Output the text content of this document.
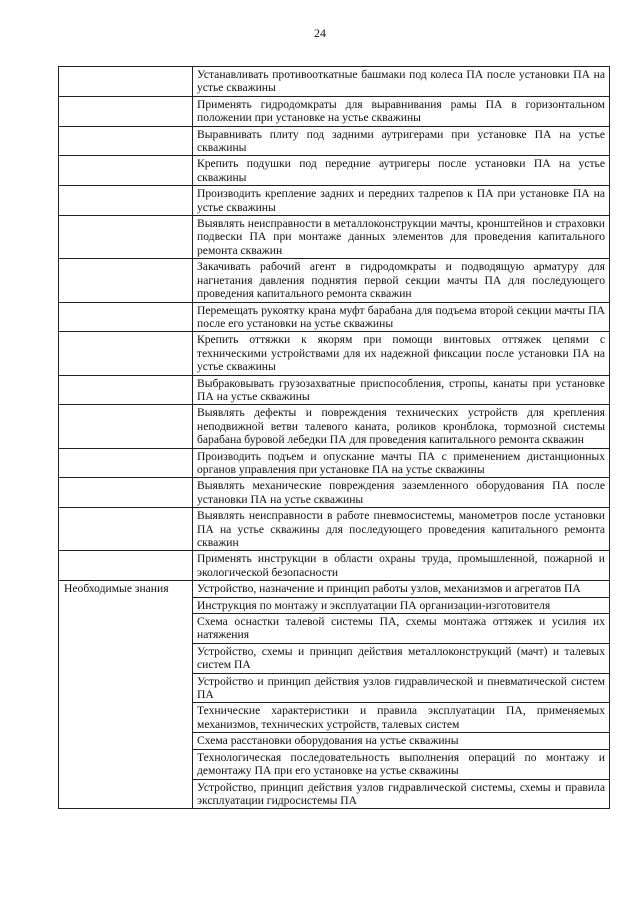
24
	Устанавливать противооткатные башмаки под колеса ПА после установки ПА на устье скважины
	Применять гидродомкраты для выравнивания рамы ПА в горизонтальном положении при установке на устье скважины
	Выравнивать плиту под задними аутригерами при установке ПА на устье скважины
	Крепить подушки под передние аутригеры после установки ПА на устье скважины
	Производить крепление задних и передних талрепов к ПА при установке ПА на устье скважины
	Выявлять неисправности в металлоконструкции мачты, кронштейнов и страховки подвески ПА при монтаже данных элементов для проведения капитального ремонта скважин
	Закачивать рабочий агент в гидродомкраты и подводящую арматуру для нагнетания давления поднятия первой секции мачты ПА для последующего проведения капитального ремонта скважин
	Перемещать рукоятку крана муфт барабана для подъема второй секции мачты ПА после его установки на устье скважины
	Крепить оттяжки к якорям при помощи винтовых оттяжек цепями с техническими устройствами для их надежной фиксации после установки ПА на устье скважины
	Выбраковывать грузозахватные приспособления, стропы, канаты при установке ПА на устье скважины
	Выявлять дефекты и повреждения технических устройств для крепления неподвижной ветви талевого каната, роликов кронблока, тормозной системы барабана буровой лебедки ПА для проведения капитального ремонта скважин
	Производить подъем и опускание мачты ПА с применением дистанционных органов управления при установке ПА на устье скважины
	Выявлять механические повреждения заземленного оборудования ПА после установки ПА на устье скважины
	Выявлять неисправности в работе пневмосистемы, манометров после установки ПА на устье скважины для последующего проведения капитального ремонта скважин
	Применять инструкции в области охраны труда, промышленной, пожарной и экологической безопасности
Необходимые знания	Устройство, назначение и принцип работы узлов, механизмов и агрегатов ПА
	Инструкция по монтажу и эксплуатации ПА организации-изготовителя
	Схема оснастки талевой системы ПА, схемы монтажа оттяжек и усилия их натяжения
	Устройство, схемы и принцип действия металлоконструкций (мачт) и талевых систем ПА
	Устройство и принцип действия узлов гидравлической и пневматической систем ПА
	Технические характеристики и правила эксплуатации ПА, применяемых механизмов, технических устройств, талевых систем
	Схема расстановки оборудования на устье скважины
	Технологическая последовательность выполнения операций по монтажу и демонтажу ПА при его установке на устье скважины
	Устройство, принцип действия узлов гидравлической системы, схемы и правила эксплуатации гидросистемы ПА
